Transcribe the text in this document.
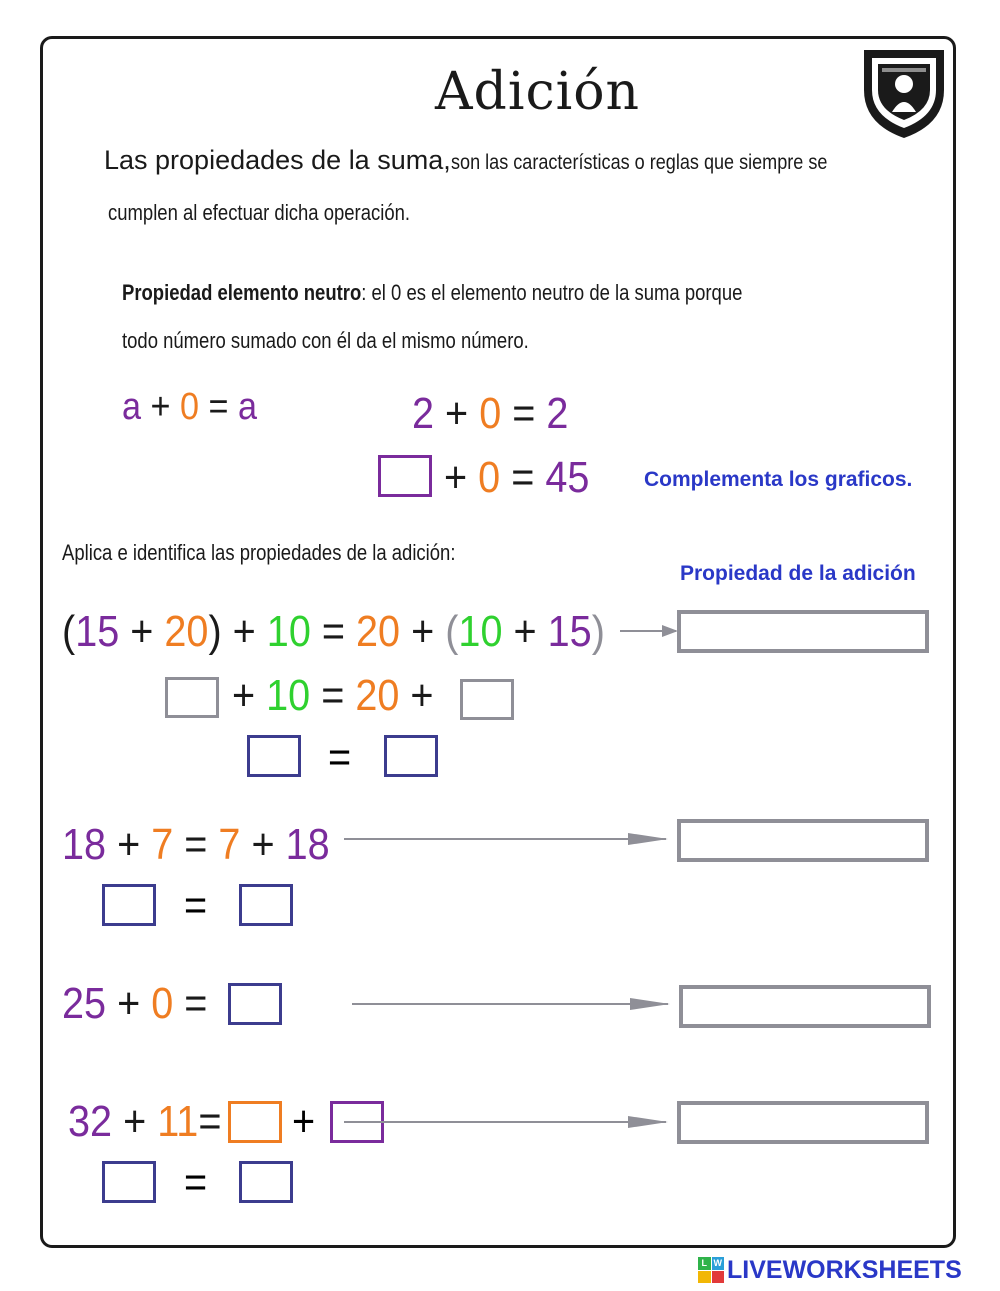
Adición
Las propiedades de la suma,son las características o reglas que siempre se
cumplen al efectuar dicha operación.
Propiedad elemento neutro: el 0 es el elemento neutro de la suma porque
todo número sumado con él da el mismo número.
a + 0 = a	2 + 0 = 2
+ 0 = 45	Complementa los graficos.
Aplica e identifica las propiedades de la adición:
Propiedad de la adición
(15 + 20) + 10 = 20 + (10 + 15)
+ 10 = 20 +
=
18 + 7 = 7 + 18
=
25 + 0 =
32 + 11= +
=
L W LIVEWORKSHEETS
